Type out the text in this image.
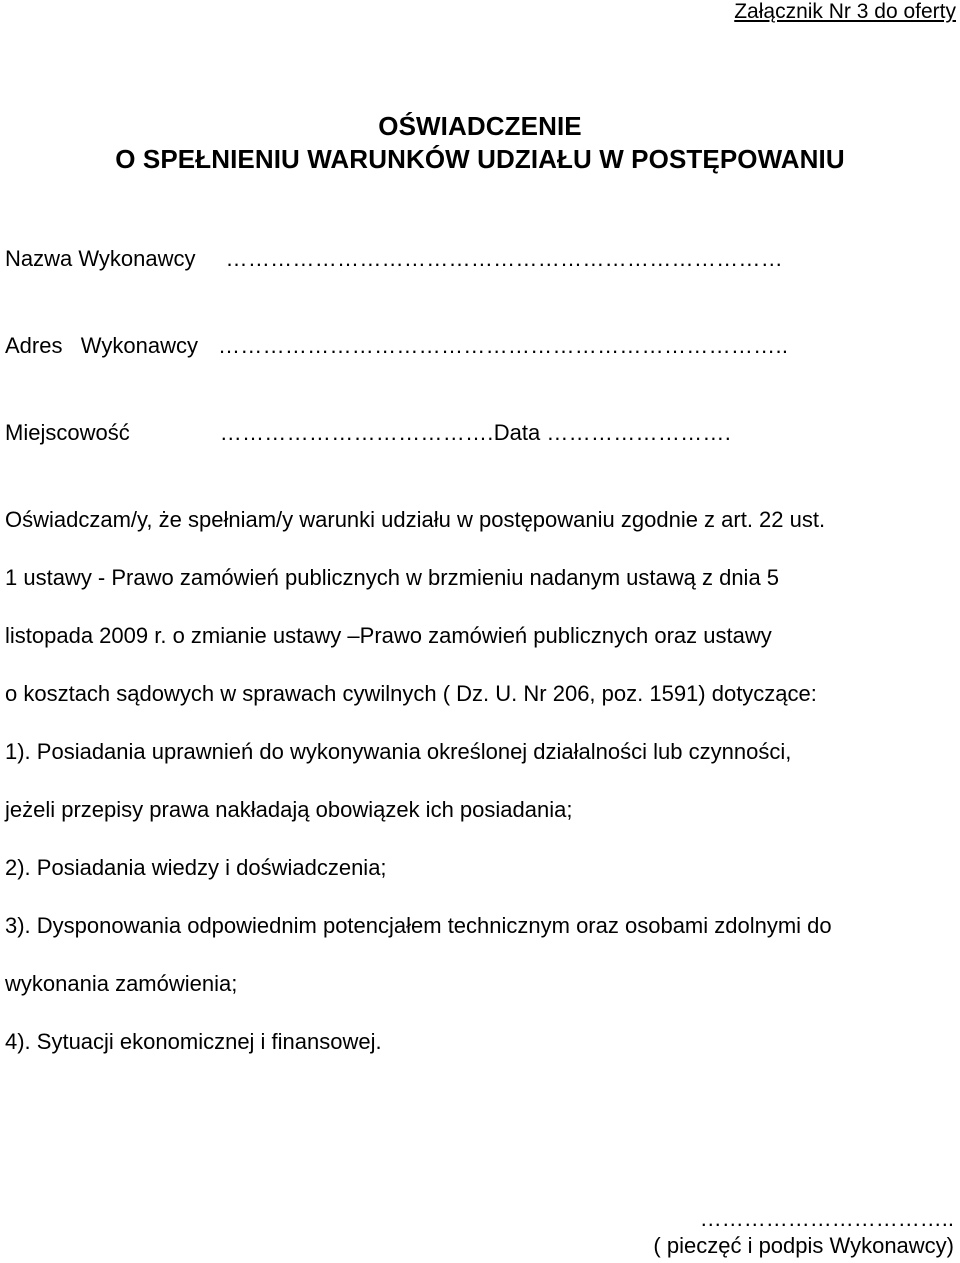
Załącznik Nr 3 do oferty
OŚWIADCZENIE
O SPEŁNIENIU WARUNKÓW UDZIAŁU W POSTĘPOWANIU
Nazwa Wykonawcy …………………………………………………………………
Adres   Wykonawcy …………………………………………………………………..
Miejscowość	……………………………….Data …………………….
Oświadczam/y, że spełniam/y warunki udziału w postępowaniu zgodnie z art. 22 ust.
1 ustawy - Prawo zamówień publicznych w brzmieniu nadanym ustawą z dnia 5
listopada 2009 r. o zmianie ustawy –Prawo zamówień publicznych oraz ustawy
o kosztach sądowych w sprawach cywilnych ( Dz. U. Nr 206, poz. 1591) dotyczące:
1). Posiadania uprawnień do wykonywania określonej działalności lub czynności,
jeżeli przepisy prawa nakładają obowiązek ich posiadania;
2). Posiadania wiedzy i doświadczenia;
3). Dysponowania odpowiednim potencjałem technicznym oraz osobami zdolnymi do
wykonania zamówienia;
4). Sytuacji ekonomicznej i finansowej.
……………………………..
( pieczęć i podpis Wykonawcy)
